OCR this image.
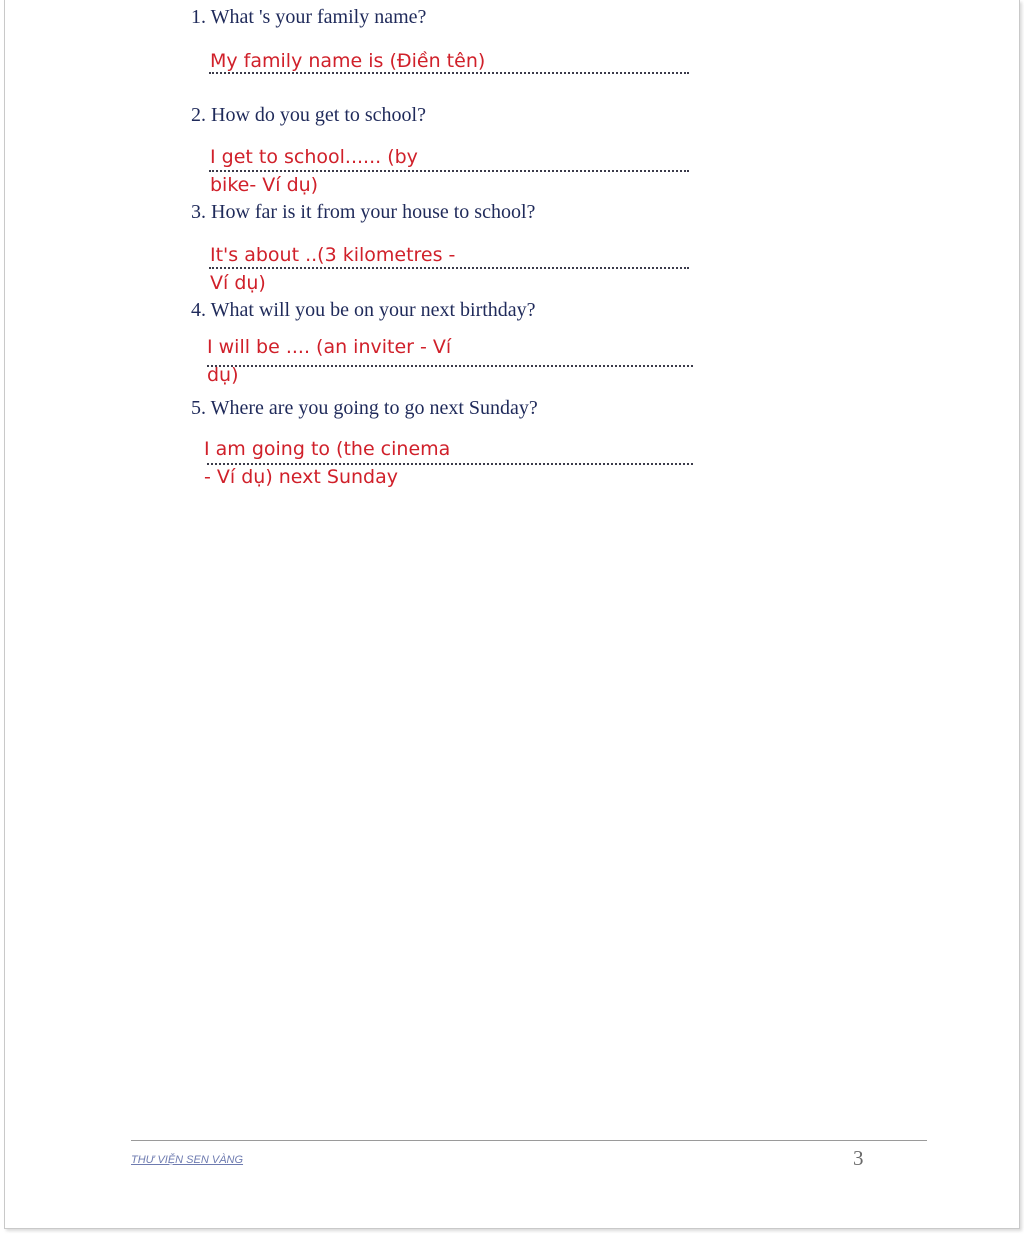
1. What 's your family name?
My family name is (Điền tên)
2. How do you get to school?
I get to school...... (by
bike- Ví dụ)
3. How far is it from your house to school?
It's about ..(3 kilometres -
Ví dụ)
4. What will you be on your next birthday?
I will be .... (an inviter - Ví
dụ)
5. Where are you going to go next Sunday?
I am going to (the cinema
- Ví dụ) next Sunday
THƯ VIỆN SEN VÀNG	3
